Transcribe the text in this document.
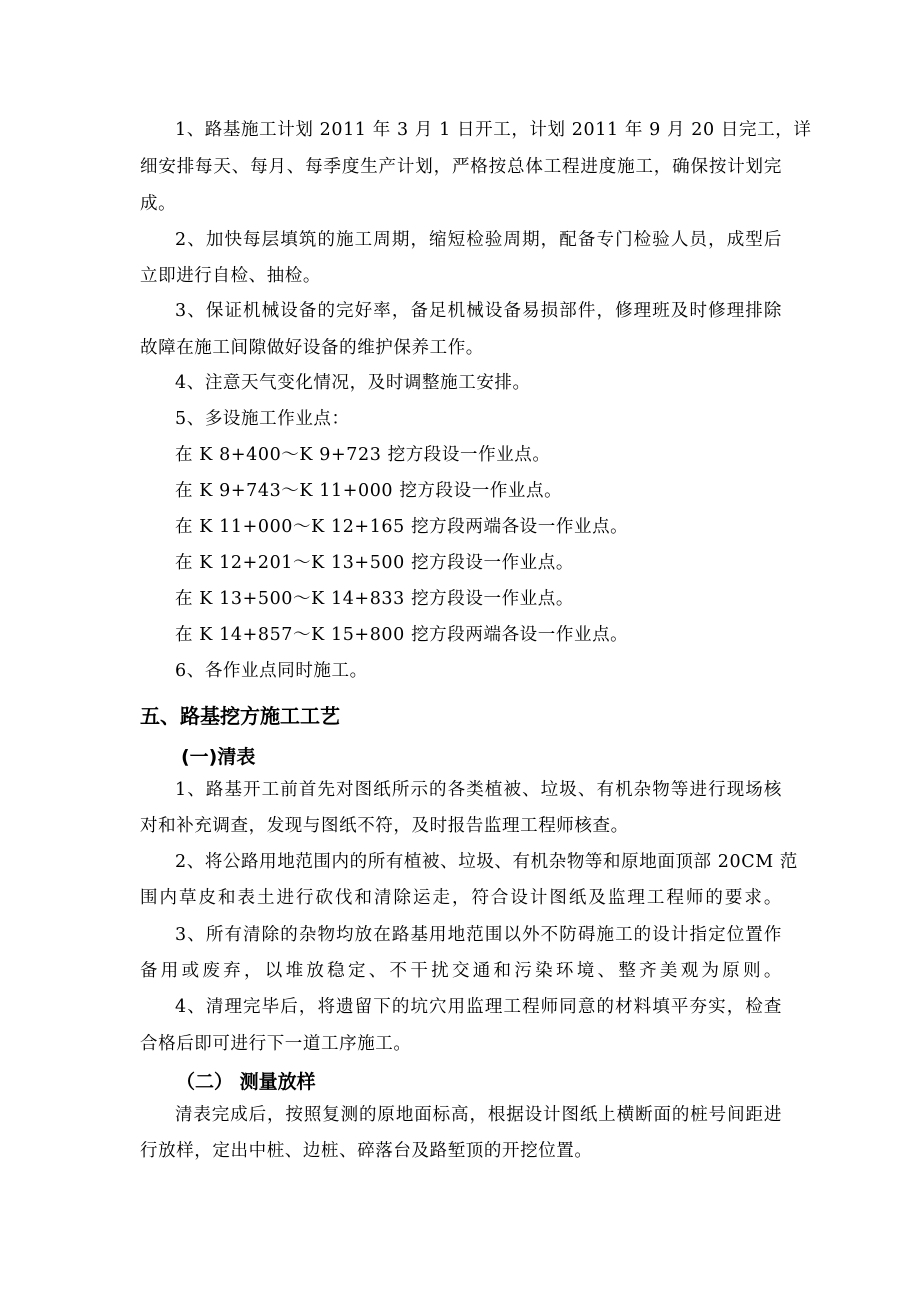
1、路基施工计划 2011 年 3 月 1 日开工，计划 2011 年 9 月 20 日完工，详
细安排每天、每月、每季度生产计划，严格按总体工程进度施工，确保按计划完
成。
2、加快每层填筑的施工周期，缩短检验周期，配备专门检验人员，成型后
立即进行自检、抽检。
3、保证机械设备的完好率，备足机械设备易损部件，修理班及时修理排除
故障在施工间隙做好设备的维护保养工作。
4、注意天气变化情况，及时调整施工安排。
5、多设施工作业点：
在 K 8+400～K 9+723 挖方段设一作业点。
在 K 9+743～K 11+000 挖方段设一作业点。
在 K 11+000～K 12+165 挖方段两端各设一作业点。
在 K 12+201～K 13+500 挖方段设一作业点。
在 K 13+500～K 14+833 挖方段设一作业点。
在 K 14+857～K 15+800 挖方段两端各设一作业点。
6、各作业点同时施工。
五、路基挖方施工工艺
(一)清表
1、路基开工前首先对图纸所示的各类植被、垃圾、有机杂物等进行现场核
对和补充调查，发现与图纸不符，及时报告监理工程师核查。
2、将公路用地范围内的所有植被、垃圾、有机杂物等和原地面顶部 20CM 范
围内草皮和表土进行砍伐和清除运走，符合设计图纸及监理工程师的要求。
3、所有清除的杂物均放在路基用地范围以外不防碍施工的设计指定位置作
备用或废弃，以堆放稳定、不干扰交通和污染环境、整齐美观为原则。
4、清理完毕后，将遗留下的坑穴用监理工程师同意的材料填平夯实，检查
合格后即可进行下一道工序施工。
（二） 测量放样
清表完成后，按照复测的原地面标高，根据设计图纸上横断面的桩号间距进
行放样，定出中桩、边桩、碎落台及路堑顶的开挖位置。
